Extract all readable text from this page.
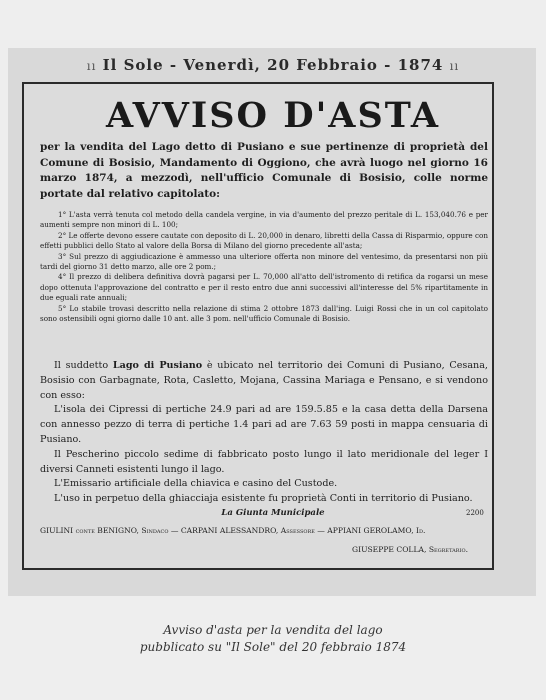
ıı Il Sole - Venerdì, 20 Febbraio - 1874 ıı
AVVISO D'ASTA
per la vendita del Lago detto di Pusiano e sue pertinenze di proprietà del Comune di Bosisio, Mandamento di Oggiono, che avrà luogo nel giorno 16 marzo 1874, a mezzodì, nell'ufficio Comunale di Bosisio, colle norme portate dal relativo capitolato:

1° L'asta verrà tenuta col metodo della candela vergine, in via d'aumento del prezzo peritale di L. 153,040.76 e per aumenti sempre non minori di L. 100;

2° Le offerte devono essere cautate con deposito di L. 20,000 in denaro, libretti della Cassa di Risparmio, oppure con effetti pubblici dello Stato al valore della Borsa di Milano del giorno precedente all'asta;

3° Sul prezzo di aggiudicazione è ammesso una ulteriore offerta non minore del ventesimo, da presentarsi non più tardi del giorno 31 detto marzo, alle ore 2 pom.;

4° Il prezzo di delibera definitiva dovrà pagarsi per L. 70,000 all'atto dell'istromento di retifica da rogarsi un mese dopo ottenuta l'approvazione del contratto e per il resto entro due anni successivi all'interesse del 5% ripartitamente in due eguali rate annuali;

5° Lo stabile trovasi descritto nella relazione di stima 2 ottobre 1873 dall'ing. Luigi Rossi che in un col capitolato sono ostensibili ogni giorno dalle 10 ant. alle 3 pom. nell'ufficio Comunale di Bosisio.

Il suddetto Lago di Pusiano è ubicato nel territorio dei Comuni di Pusiano, Cesana, Bosisio con Garbagnate, Rota, Casletto, Mojana, Cassina Mariaga e Pensano, e si vendono con esso:

L'isola dei Cipressi di pertiche 24.9 pari ad are 159.5.85 e la casa detta della Darsena con annesso pezzo di terra di pertiche 1.4 pari ad are 7.63 59 posti in mappa censuaria di Pusiano.

Il Pescherino piccolo sedime di fabbricato posto lungo il lato meridionale del leger I diversi Canneti esistenti lungo il lago.

L'Emissario artificiale della chiavica e casino del Custode.

L'uso in perpetuo della ghiacciaja esistente fu proprietà Conti in territorio di Pusiano.

La Giunta Municipale	2200
GIULINI conte BENIGNO, Sindaco — CARPANI ALESSANDRO, Assessore — APPIANI GEROLAMO, Id.
GIUSEPPE COLLA, Segretario.
Avviso d'asta per la vendita del lago
pubblicato su "Il Sole" del 20 febbraio 1874
